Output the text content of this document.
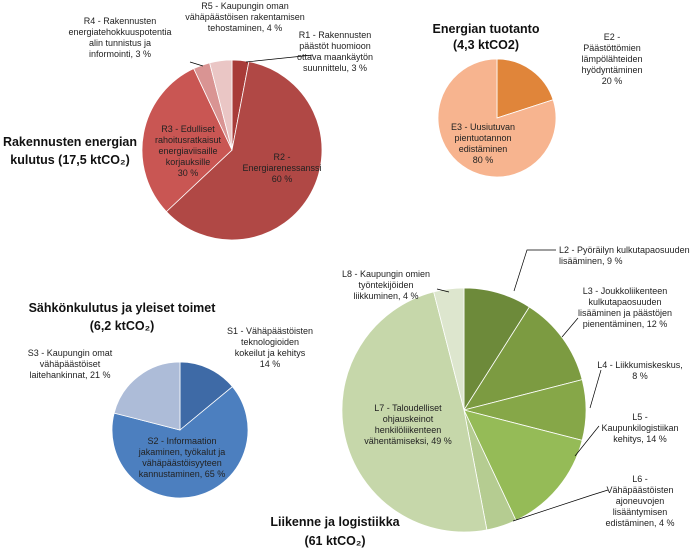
R1 - Rakennusten päästöt huomioon ottava maankäytön suunnittelu, 3 %
R2 -Energiarenessanssi 60 %
R3 - Edulliset rahoitusratkaisut energiaviisaille korjauksille 30 %
R4 - Rakennusten energiatehokkuuspotentia alin tunnistus ja informointi, 3 %
R5 - Kaupungin oman vähäpäästöisen rakentamisen tehostaminen, 4 %
Rakennusten energian kulutus (17,5 ktCO₂)
E2 -Päästöttömien lämpölähteiden hyödyntäminen 20 %
E3 - Uusiutuvan pientuotannon edistäminen 80 %
Energian tuotanto (4,3 ktCO2)
S1 - Vähäpäästöisten teknologioiden kokeilut ja kehitys 14 %
S2 - Informaation jakaminen, työkalut ja vähäpäästöisyyteen kannustaminen, 65 %
S3 - Kaupungin omat vähäpäästöiset laitehankinnat, 21 %
Sähkönkulutus ja yleiset toimet (6,2 ktCO₂)
L2 - Pyöräilyn kulkutapaosuuden lisääminen, 9 %
L3 - Joukkoliikenteen kulkutapaosuuden lisääminen ja päästöjen pienentäminen, 12 %
L4 - Liikkumiskeskus, 8 %
L5 -Kaupunkilogistiikan kehitys, 14 %
L6 -Vähäpäästöisten ajoneuvojen lisääntymisen edistäminen, 4 %
L7 - Taloudelliset ohjauskeinot henkilöliikenteen vähentämiseksi, 49 %
L8 - Kaupungin omien työntekijöiden liikkuminen, 4 %
Liikenne ja logistiikka (61 ktCO₂)
